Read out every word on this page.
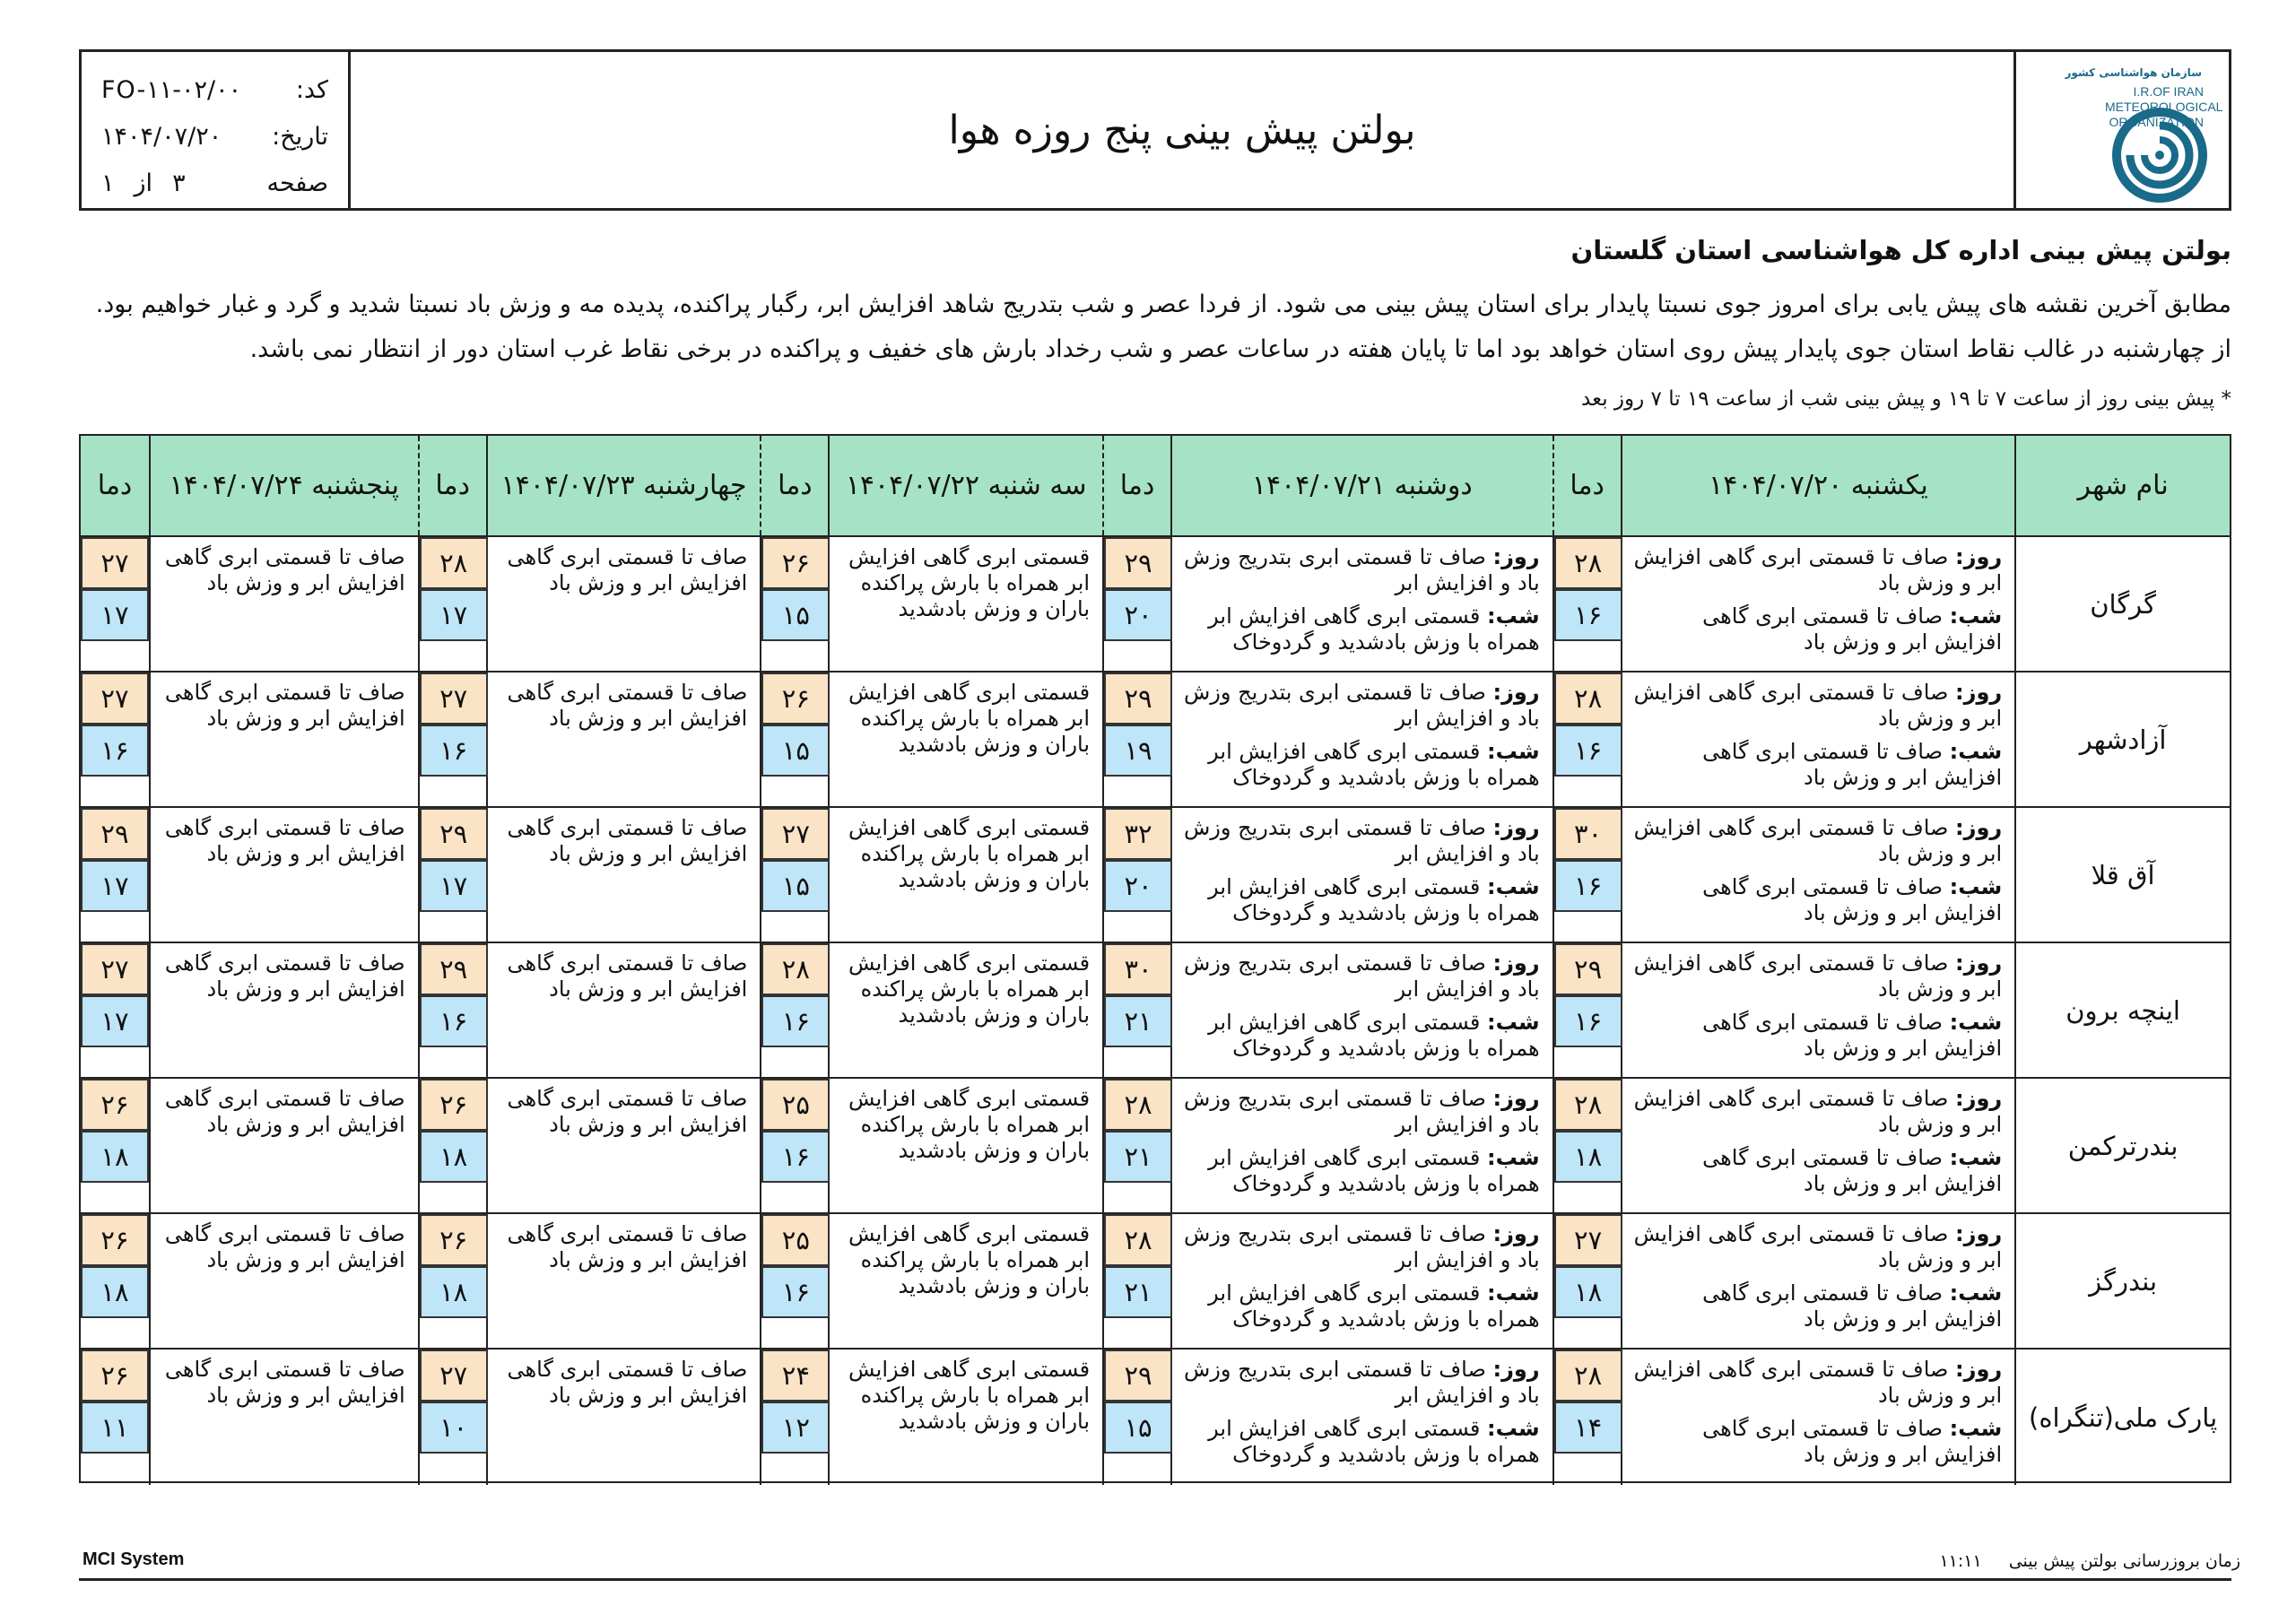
FO-۱۱-۰۲/۰۰ کد:
۱۴۰۴/۰۷/۲۰ تاریخ:
۳
از
۱	صفحه
بولتن پیش بینی پنج روزه هوا
سازمان هواشناسی کشور
I.R.OF IRAN METEOROLOGICAL ORGANIZATION
بولتن پیش بینی اداره کل هواشناسی استان گلستان
مطابق آخرین نقشه های پیش یابی برای امروز جوی نسبتا پایدار برای استان پیش بینی می شود. از فردا عصر و شب بتدریج شاهد افزایش ابر، رگبار پراکنده، پدیده مه و وزش باد نسبتا شدید و گرد و غبار خواهیم بود. از چهارشنبه در غالب نقاط استان جوی پایدار پیش روی استان خواهد بود اما تا پایان هفته در ساعات عصر و شب رخداد بارش های خفیف و پراکنده در برخی نقاط غرب استان دور از انتظار نمی باشد.
* پیش بینی روز از ساعت ۷ تا ۱۹ و پیش بینی شب از ساعت ۱۹ تا ۷ روز بعد
نام شهر
یکشنبه

۱۴۰۴/۰۷/۲۰
دما
دوشنبه

۱۴۰۴/۰۷/۲۱
دما
سه شنبه

۱۴۰۴/۰۷/۲۲
دما
چهارشنبه

۱۴۰۴/۰۷/۲۳
دما
پنجشنبه

۱۴۰۴/۰۷/۲۴
دما
گرگان
روز: صاف تا قسمتی ابری گاهی افزایش ابر و وزش باد
شب: صاف تا قسمتی ابری گاهی افزایش ابر و وزش باد
۲۸
۱۶
روز: صاف تا قسمتی ابری بتدریج وزش باد و افزایش ابر
شب: قسمتی ابری گاهی افزایش ابر همراه با وزش بادشدید و گردوخاک
۲۹
۲۰
قسمتی ابری گاهی افزایش ابر همراه با بارش پراکنده باران و وزش بادشدید
۲۶
۱۵
صاف تا قسمتی ابری گاهی افزایش ابر و وزش باد
۲۸
۱۷
صاف تا قسمتی ابری گاهی افزایش ابر و وزش باد
۲۷
۱۷
آزادشهر
روز: صاف تا قسمتی ابری گاهی افزایش ابر و وزش باد
شب: صاف تا قسمتی ابری گاهی افزایش ابر و وزش باد
۲۸
۱۶
روز: صاف تا قسمتی ابری بتدریج وزش باد و افزایش ابر
شب: قسمتی ابری گاهی افزایش ابر همراه با وزش بادشدید و گردوخاک
۲۹
۱۹
قسمتی ابری گاهی افزایش ابر همراه با بارش پراکنده باران و وزش بادشدید
۲۶
۱۵
صاف تا قسمتی ابری گاهی افزایش ابر و وزش باد
۲۷
۱۶
صاف تا قسمتی ابری گاهی افزایش ابر و وزش باد
۲۷
۱۶
آق قلا
روز: صاف تا قسمتی ابری گاهی افزایش ابر و وزش باد
شب: صاف تا قسمتی ابری گاهی افزایش ابر و وزش باد
۳۰
۱۶
روز: صاف تا قسمتی ابری بتدریج وزش باد و افزایش ابر
شب: قسمتی ابری گاهی افزایش ابر همراه با وزش بادشدید و گردوخاک
۳۲
۲۰
قسمتی ابری گاهی افزایش ابر همراه با بارش پراکنده باران و وزش بادشدید
۲۷
۱۵
صاف تا قسمتی ابری گاهی افزایش ابر و وزش باد
۲۹
۱۷
صاف تا قسمتی ابری گاهی افزایش ابر و وزش باد
۲۹
۱۷
اینچه برون
روز: صاف تا قسمتی ابری گاهی افزایش ابر و وزش باد
شب: صاف تا قسمتی ابری گاهی افزایش ابر و وزش باد
۲۹
۱۶
روز: صاف تا قسمتی ابری بتدریج وزش باد و افزایش ابر
شب: قسمتی ابری گاهی افزایش ابر همراه با وزش بادشدید و گردوخاک
۳۰
۲۱
قسمتی ابری گاهی افزایش ابر همراه با بارش پراکنده باران و وزش بادشدید
۲۸
۱۶
صاف تا قسمتی ابری گاهی افزایش ابر و وزش باد
۲۹
۱۶
صاف تا قسمتی ابری گاهی افزایش ابر و وزش باد
۲۷
۱۷
بندرترکمن
روز: صاف تا قسمتی ابری گاهی افزایش ابر و وزش باد
شب: صاف تا قسمتی ابری گاهی افزایش ابر و وزش باد
۲۸
۱۸
روز: صاف تا قسمتی ابری بتدریج وزش باد و افزایش ابر
شب: قسمتی ابری گاهی افزایش ابر همراه با وزش بادشدید و گردوخاک
۲۸
۲۱
قسمتی ابری گاهی افزایش ابر همراه با بارش پراکنده باران و وزش بادشدید
۲۵
۱۶
صاف تا قسمتی ابری گاهی افزایش ابر و وزش باد
۲۶
۱۸
صاف تا قسمتی ابری گاهی افزایش ابر و وزش باد
۲۶
۱۸
بندرگز
روز: صاف تا قسمتی ابری گاهی افزایش ابر و وزش باد
شب: صاف تا قسمتی ابری گاهی افزایش ابر و وزش باد
۲۷
۱۸
روز: صاف تا قسمتی ابری بتدریج وزش باد و افزایش ابر
شب: قسمتی ابری گاهی افزایش ابر همراه با وزش بادشدید و گردوخاک
۲۸
۲۱
قسمتی ابری گاهی افزایش ابر همراه با بارش پراکنده باران و وزش بادشدید
۲۵
۱۶
صاف تا قسمتی ابری گاهی افزایش ابر و وزش باد
۲۶
۱۸
صاف تا قسمتی ابری گاهی افزایش ابر و وزش باد
۲۶
۱۸
پارک ملی(تنگراه)
روز: صاف تا قسمتی ابری گاهی افزایش ابر و وزش باد
شب: صاف تا قسمتی ابری گاهی افزایش ابر و وزش باد
۲۸
۱۴
روز: صاف تا قسمتی ابری بتدریج وزش باد و افزایش ابر
شب: قسمتی ابری گاهی افزایش ابر همراه با وزش بادشدید و گردوخاک
۲۹
۱۵
قسمتی ابری گاهی افزایش ابر همراه با بارش پراکنده باران و وزش بادشدید
۲۴
۱۲
صاف تا قسمتی ابری گاهی افزایش ابر و وزش باد
۲۷
۱۰
صاف تا قسمتی ابری گاهی افزایش ابر و وزش باد
۲۶
۱۱
MCI System	زمان بروزرسانی بولتن پیش بینی
۱۱:۱۱
